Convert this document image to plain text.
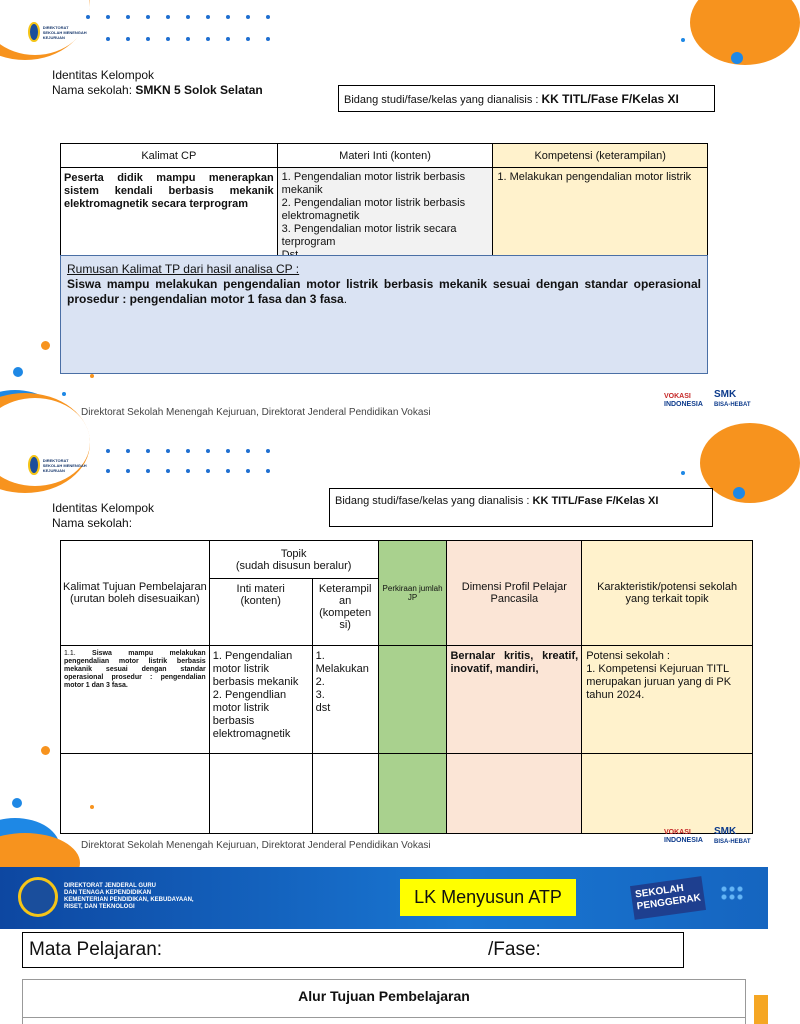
DIREKTORAT SEKOLAH MENENGAH KEJURUAN
Identitas Kelompok
Nama sekolah: SMKN 5 Solok Selatan
Bidang studi/fase/kelas yang dianalisis : KK TITL/Fase F/Kelas XI
Kalimat CP	Materi Inti (konten)	Kompetensi (keterampilan)
Peserta didik mampu menerapkan sistem kendali berbasis mekanik elektromagnetik secara terprogram	1. Pengendalian motor listrik berbasis mekanik
2. Pengendalian motor listrik berbasis elektromagnetik
3. Pengendalian motor listrik secara terprogram	1. Melakukan pengendalian motor listrik
Rumusan Kalimat TP dari hasil analisa CP :
Siswa mampu melakukan pengendalian motor listrik berbasis mekanik sesuai dengan standar operasional prosedur : pengendalian motor 1 fasa dan 3 fasa.
Direktorat Sekolah Menengah Kejuruan, Direktorat Jenderal Pendidikan Vokasi
VOKASI
INDONESIA
SMK
BISA-HEBAT
DIREKTORAT SEKOLAH MENENGAH KEJURUAN
Identitas Kelompok
Nama sekolah:
Bidang studi/fase/kelas yang dianalisis : KK TITL/Fase F/Kelas XI
Kalimat Tujuan Pembelajaran
(urutan boleh disesuaikan)	Topik
(sudah disusun beralur)		Perkiraan jumlah JP	Dimensi Profil Pelajar Pancasila	Karakteristik/potensi sekolah yang terkait topik
	Inti materi
(konten)	Keterampil an
(kompeten si)			
1.1. Siswa mampu melakukan pengendalian motor listrik berbasis mekanik sesuai dengan standar operasional prosedur : pengendalian motor 1 dan 3 fasa.	1. Pengendalian motor listrik berbasis mekanik
2. Pengendlian motor listrik berbasis elektromagnetik	1. Melakukan
2.
3.
dst		Bernalar kritis, kreatif, inovatif, mandiri,	Potensi sekolah :
1. Kompetensi Kejuruan TITL merupakan juruan yang di PK tahun 2024.

Direktorat Sekolah Menengah Kejuruan, Direktorat Jenderal Pendidikan Vokasi
VOKASI
INDONESIA
SMK
BISA-HEBAT
DIREKTORAT JENDERAL GURU
DAN TENAGA KEPENDIDIKAN
KEMENTERIAN PENDIDIKAN, KEBUDAYAAN,
RISET, DAN TEKNOLOGI	LK Menyusun ATP	SEKOLAH
PENGGERAK
Mata Pelajaran:	/Fase:
Alur Tujuan Pembelajaran
